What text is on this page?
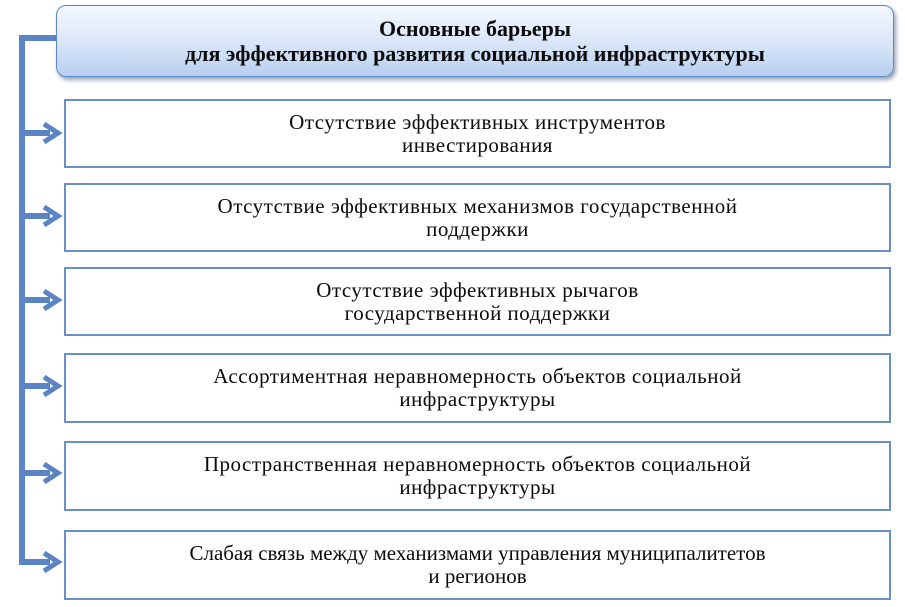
Основные барьеры
для эффективного развития социальной инфраструктуры
Отсутствие эффективных инструментов
инвестирования
Отсутствие эффективных механизмов государственной
поддержки
Отсутствие эффективных рычагов
государственной поддержки
Ассортиментная неравномерность объектов социальной
инфраструктуры
Пространственная неравномерность объектов социальной
инфраструктуры
Слабая связь между механизмами управления муниципалитетов
и регионов
